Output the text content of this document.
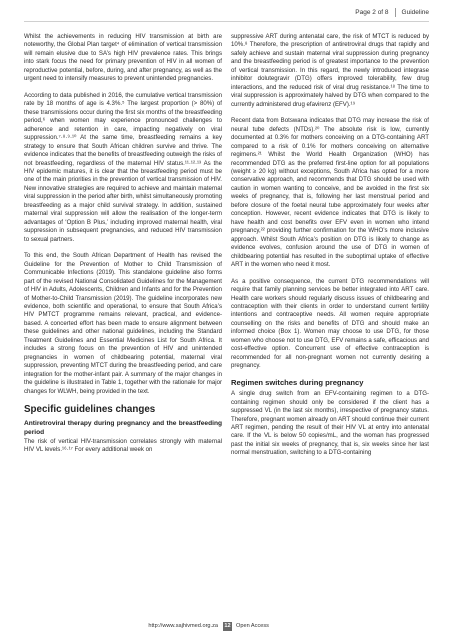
Page 2 of 8	Guideline

Whilst the achievements in reducing HIV transmission at birth are noteworthy, the Global Plan target⁴ of elimination of vertical transmission will remain elusive due to SA’s high HIV prevalence rates. This brings into stark focus the need for primary prevention of HIV in all women of reproductive potential, before, during, and after pregnancy, as well as the urgent need to intensify measures to prevent unintended pregnancies.

According to data published in 2016, the cumulative vertical transmission rate by 18 months of age is 4.3%.⁵ The largest proportion (> 80%) of these transmissions occur during the first six months of the breastfeeding period,⁶ when women may experience pronounced challenges to adherence and retention in care, impacting negatively on viral suppression.⁷·⁸·⁹·¹⁰ At the same time, breastfeeding remains a key strategy to ensure that South African children survive and thrive. The evidence indicates that the benefits of breastfeeding outweigh the risks of not breastfeeding, regardless of the maternal HIV status.¹¹·¹²·¹³ As the HIV epidemic matures, it is clear that the breastfeeding period must be one of the main priorities in the prevention of vertical transmission of HIV. New innovative strategies are required to achieve and maintain maternal viral suppression in the period after birth, whilst simultaneously promoting breastfeeding as a major child survival strategy. In addition, sustained maternal viral suppression will allow the realisation of the longer-term advantages of ‘Option B Plus,’ including improved maternal health, viral suppression in subsequent pregnancies, and reduced HIV transmission to sexual partners.

To this end, the South African Department of Health has revised the Guideline for the Prevention of Mother to Child Transmission of Communicable Infections (2019). This standalone guideline also forms part of the revised National Consolidated Guidelines for the Management of HIV in Adults, Adolescents, Children and Infants and for the Prevention of Mother-to-Child Transmission (2019). The guideline incorporates new evidence, both scientific and operational, to ensure that South Africa’s HIV PMTCT programme remains relevant, practical, and evidence-based. A concerted effort has been made to ensure alignment between these guidelines and other national guidelines, including the Standard Treatment Guidelines and Essential Medicines List for South Africa. It includes a strong focus on the prevention of HIV and unintended pregnancies in women of childbearing potential, maternal viral suppression, preventing MTCT during the breastfeeding period, and care integration for the mother-infant pair. A summary of the major changes in the guideline is illustrated in Table 1, together with the rationale for major changes for WLWH, being provided in the text.

Specific guidelines changes
Antiretroviral therapy during pregnancy and the breastfeeding period

The risk of vertical HIV-transmission correlates strongly with maternal HIV VL levels.¹⁶·¹⁷ For every additional week on

suppressive ART during antenatal care, the risk of MTCT is reduced by 10%.⁸ Therefore, the prescription of antiretroviral drugs that rapidly and safely achieve and sustain maternal viral suppression during pregnancy and the breastfeeding period is of greatest importance to the prevention of vertical transmission. In this regard, the newly introduced integrase inhibitor dolutegravir (DTG) offers improved tolerability, few drug interactions, and the reduced risk of viral drug resistance.¹⁸ The time to viral suppression is approximately halved by DTG when compared to the currently administered drug efavirenz (EFV).¹⁹

Recent data from Botswana indicates that DTG may increase the risk of neural tube defects (NTDs).²⁰ The absolute risk is low, currently documented at 0.3% for mothers conceiving on a DTG-containing ART compared to a risk of 0.1% for mothers conceiving on alternative regimens.²¹ Whilst the World Health Organization (WHO) has recommended DTG as the preferred first-line option for all populations (weight ≥ 20 kg) without exceptions, South Africa has opted for a more conservative approach, and recommends that DTG should be used with caution in women wanting to conceive, and be avoided in the first six weeks of pregnancy, that is, following her last menstrual period and before closure of the foetal neural tube approximately four weeks after conception. However, recent evidence indicates that DTG is likely to have health and cost benefits over EFV even in women who intend pregnancy,²² providing further confirmation for the WHO’s more inclusive approach. Whilst South Africa’s position on DTG is likely to change as evidence evolves, confusion around the use of DTG in women of childbearing potential has resulted in the suboptimal uptake of effective ART in the women who need it most.

As a positive consequence, the current DTG recommendations will require that family planning services be better integrated into ART care. Health care workers should regularly discuss issues of childbearing and contraception with their clients in order to understand current fertility intentions and contraceptive needs. All women require appropriate counselling on the risks and benefits of DTG and should make an informed choice (Box 1). Women may choose to use DTG, for those women who choose not to use DTG, EFV remains a safe, efficacious and cost-effective option. Concurrent use of effective contraception is recommended for all non-pregnant women not currently desiring a pregnancy.

Regimen switches during pregnancy

A single drug switch from an EFV-containing regimen to a DTG-containing regimen should only be considered if the client has a suppressed VL (in the last six months), irrespective of pregnancy status. Therefore, pregnant women already on ART should continue their current ART regimen, pending the result of their HIV VL at entry into antenatal care. If the VL is below 50 copies/mL, and the woman has progressed past the initial six weeks of pregnancy, that is, six weeks since her last normal menstruation, switching to a DTG-containing

http://www.sajhivmed.org.za 12 Open Access
